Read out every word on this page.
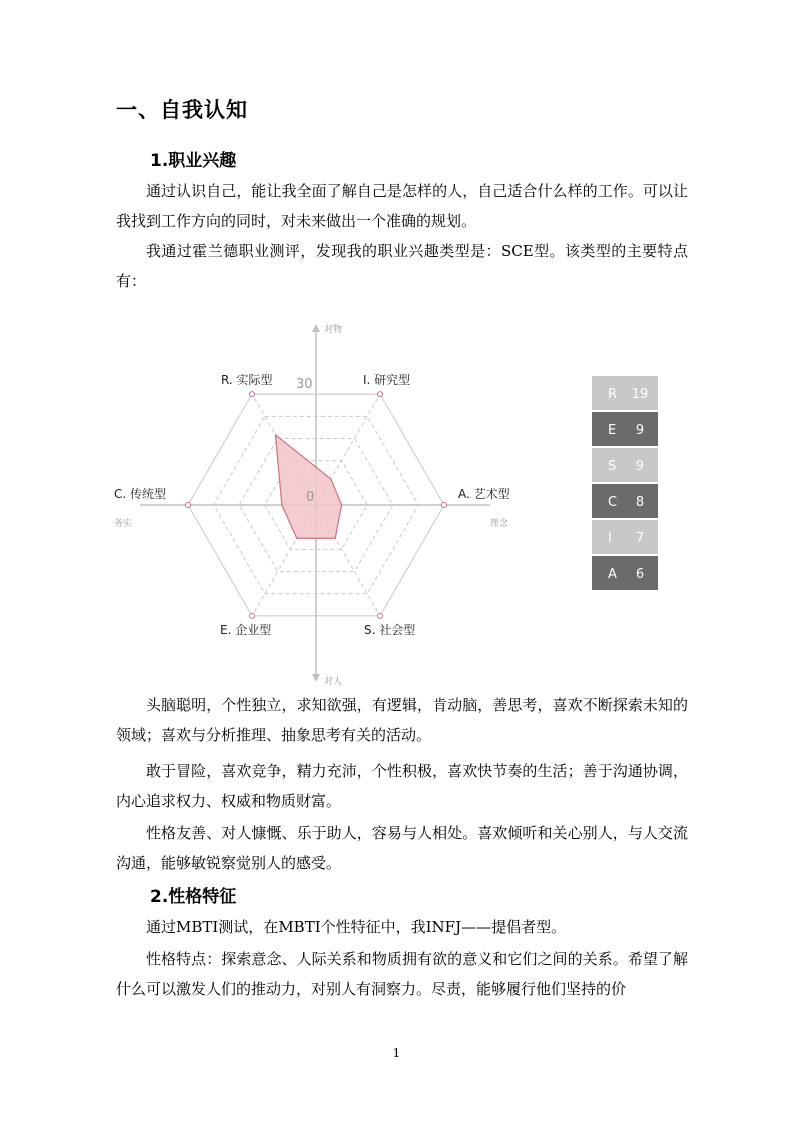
一、自我认知
1.职业兴趣

通过认识自己，能让我全面了解自己是怎样的人，自己适合什么样的工作。可以让我找到工作方向的同时，对未来做出一个准确的规划。

我通过霍兰德职业测评，发现我的职业兴趣类型是：SCE型。该类型的主要特点有：

30
0
R. 实际型	I. 研究型
A. 艺术型
S. 社会型
E. 企业型
C. 传统型
对物
对人
务实	理念
R 19
E 9
S 9
C 8
I 7
A 6

头脑聪明，个性独立，求知欲强，有逻辑，肯动脑，善思考，喜欢不断探索未知的领域；喜欢与分析推理、抽象思考有关的活动。

敢于冒险，喜欢竞争，精力充沛，个性积极，喜欢快节奏的生活；善于沟通协调，内心追求权力、权威和物质财富。

性格友善、对人慷慨、乐于助人，容易与人相处。喜欢倾听和关心别人，与人交流沟通，能够敏锐察觉别人的感受。

2.性格特征

通过MBTI测试，在MBTI个性特征中，我INFJ——提倡者型。

性格特点：探索意念、人际关系和物质拥有欲的意义和它们之间的关系。希望了解什么可以激发人们的推动力，对别人有洞察力。尽责，能够履行他们坚持的价

1
